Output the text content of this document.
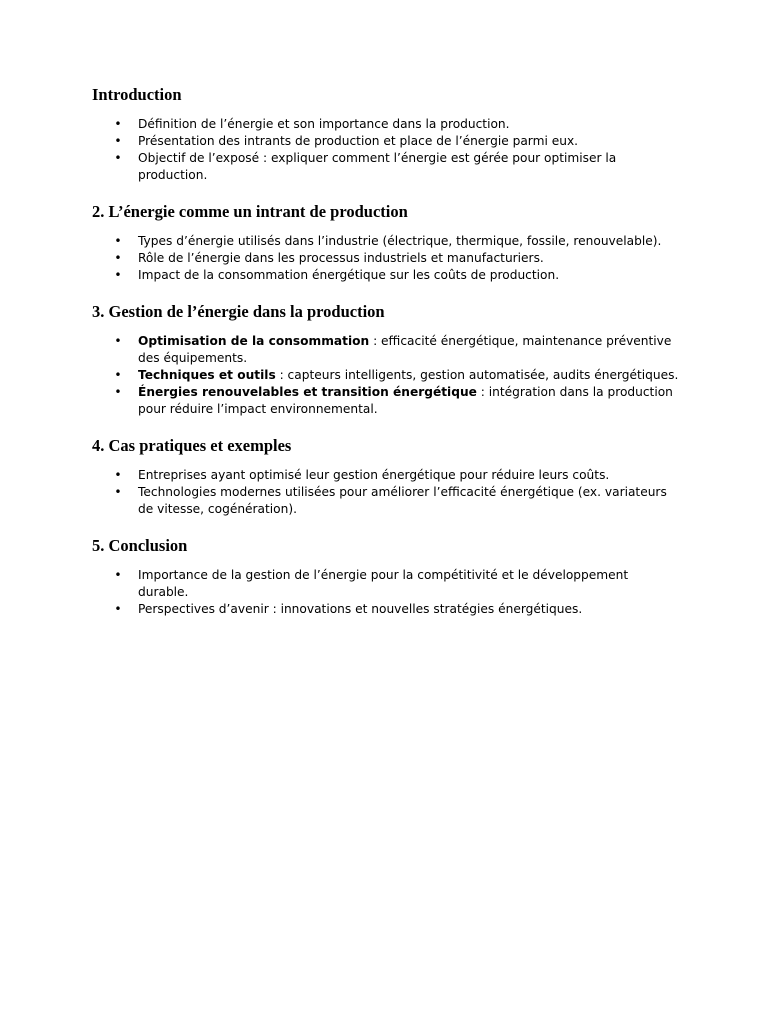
Introduction
• Définition de l’énergie et son importance dans la production.
• Présentation des intrants de production et place de l’énergie parmi eux.
• Objectif de l’exposé : expliquer comment l’énergie est gérée pour optimiser la production.
2. L’énergie comme un intrant de production
• Types d’énergie utilisés dans l’industrie (électrique, thermique, fossile, renouvelable).
• Rôle de l’énergie dans les processus industriels et manufacturiers.
• Impact de la consommation énergétique sur les coûts de production.
3. Gestion de l’énergie dans la production
• Optimisation de la consommation : efficacité énergétique, maintenance préventive des équipements.
• Techniques et outils : capteurs intelligents, gestion automatisée, audits énergétiques.
• Énergies renouvelables et transition énergétique : intégration dans la production pour réduire l’impact environnemental.
4. Cas pratiques et exemples
• Entreprises ayant optimisé leur gestion énergétique pour réduire leurs coûts.
• Technologies modernes utilisées pour améliorer l’efficacité énergétique (ex. variateurs de vitesse, cogénération).
5. Conclusion
• Importance de la gestion de l’énergie pour la compétitivité et le développement durable.
• Perspectives d’avenir : innovations et nouvelles stratégies énergétiques.
